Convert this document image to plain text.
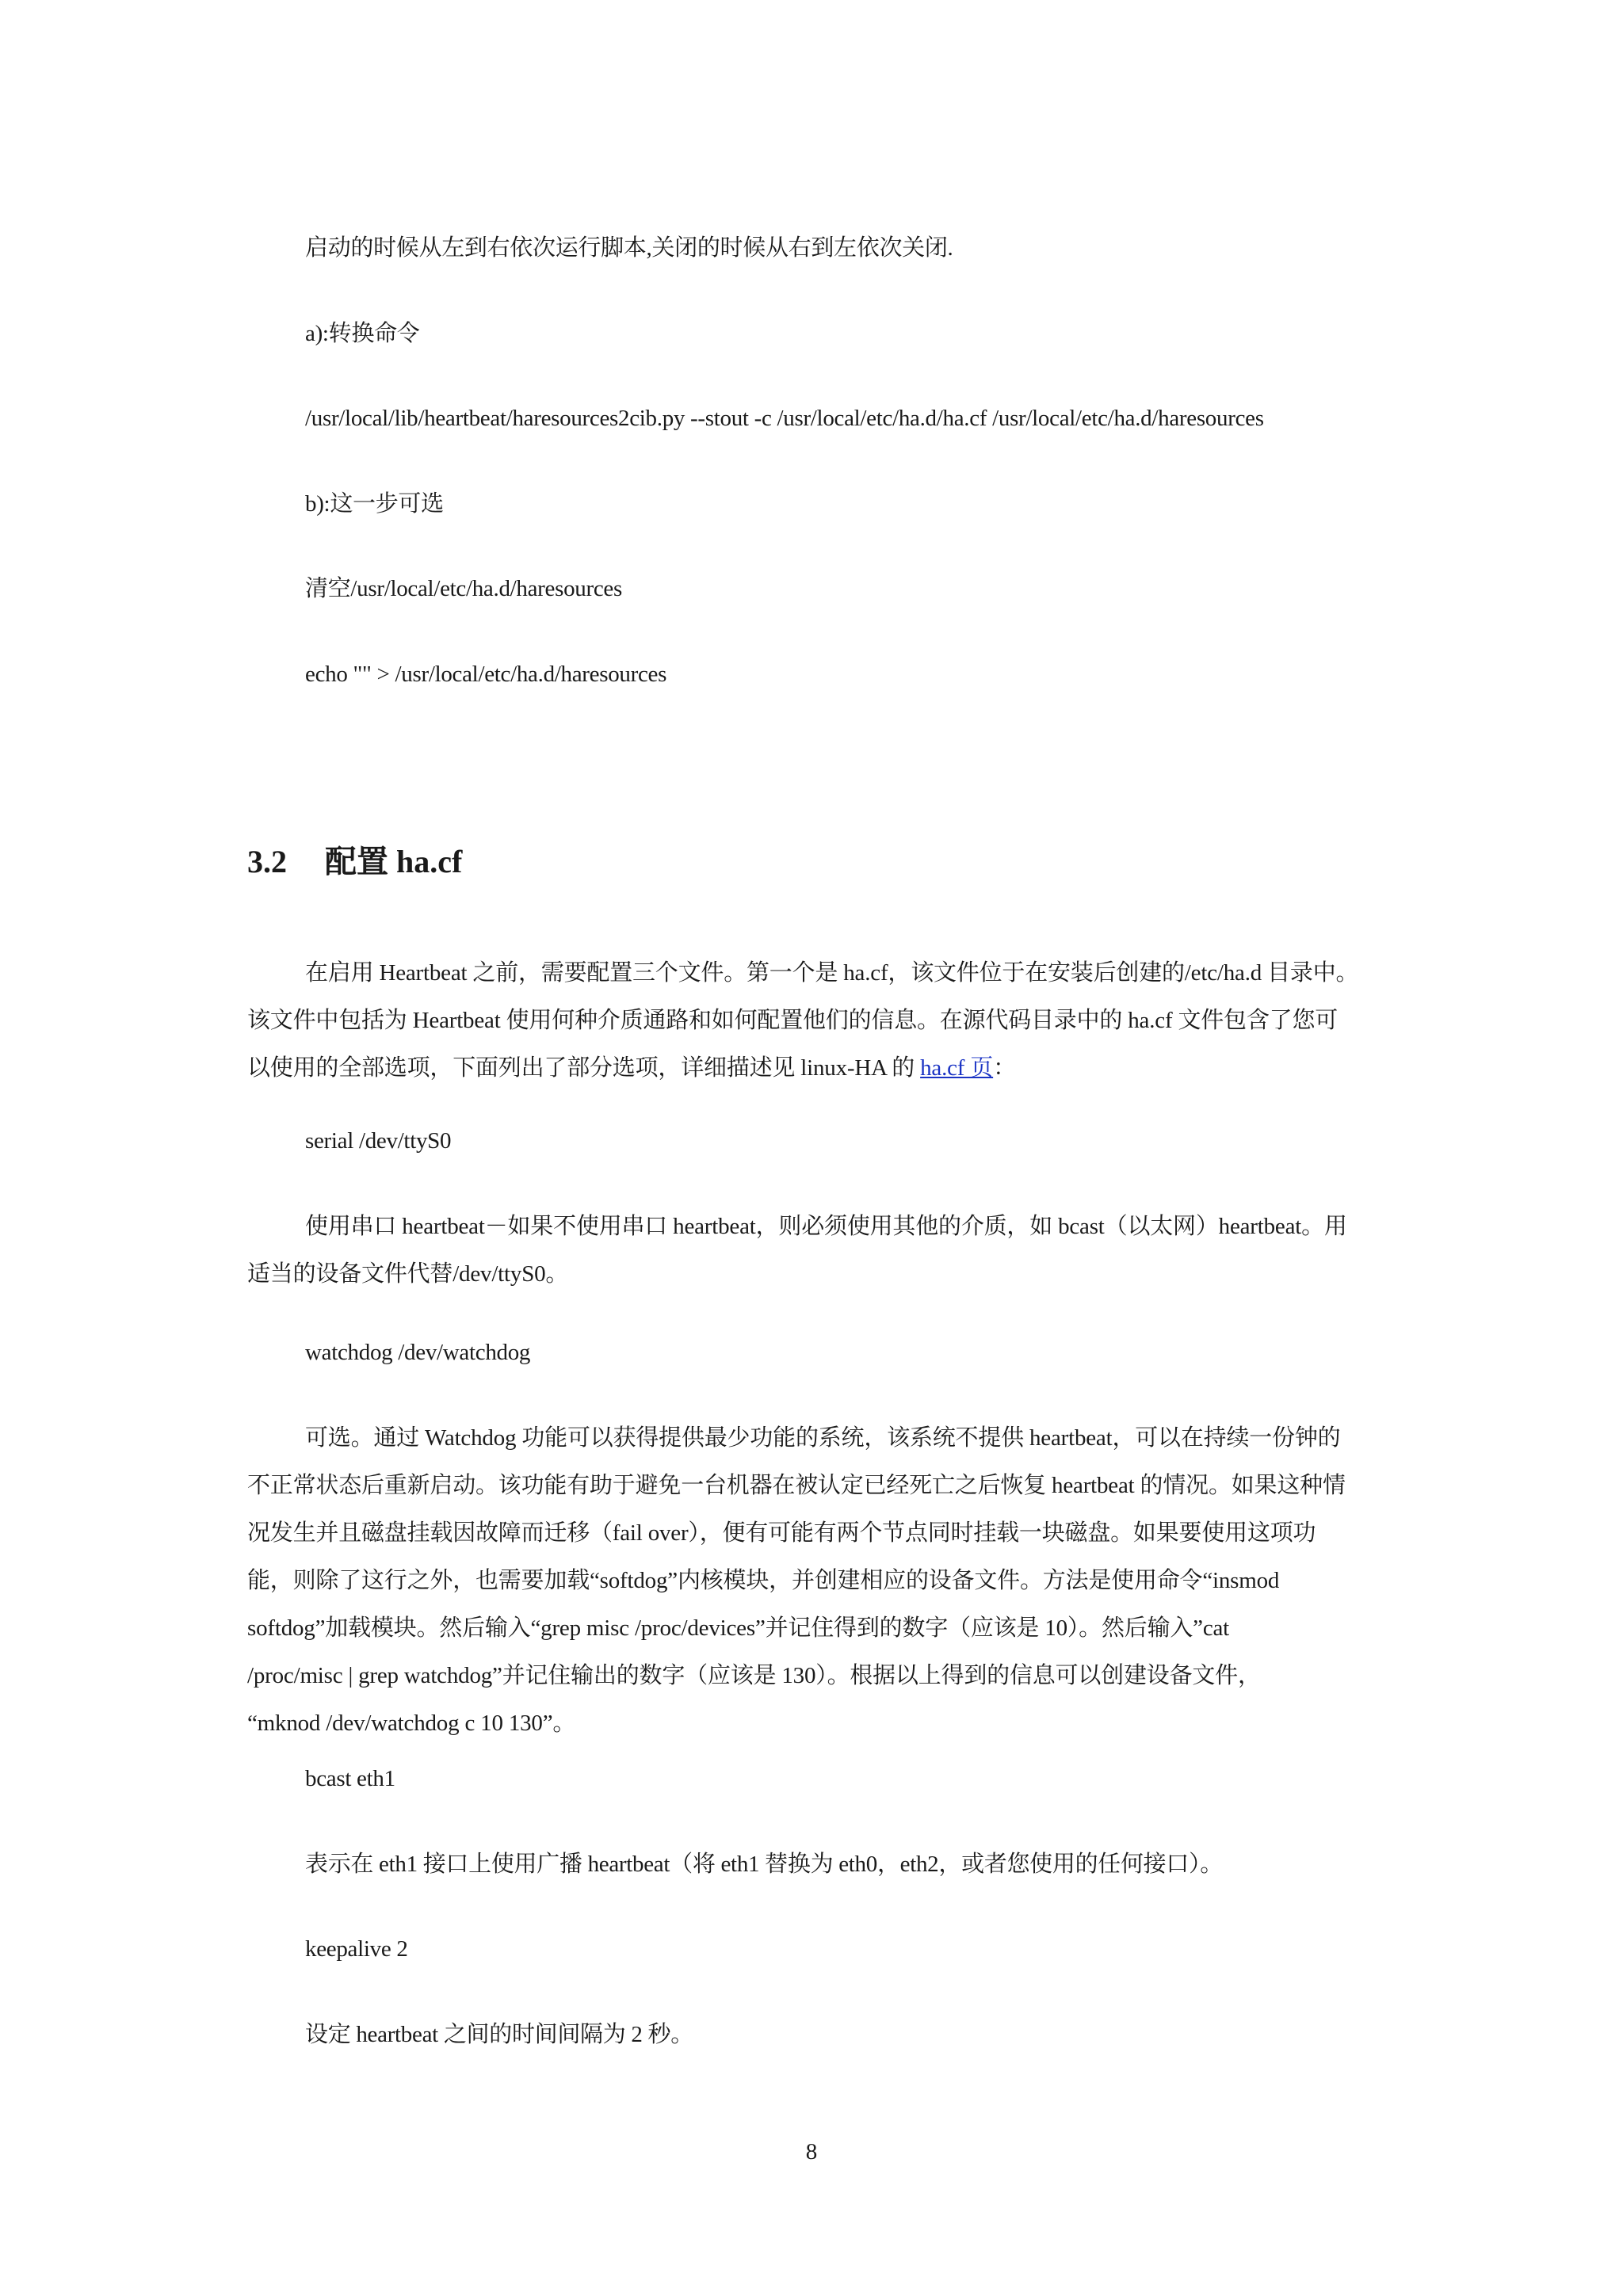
启动的时候从左到右依次运行脚本,关闭的时候从右到左依次关闭.
a):转换命令
/usr/local/lib/heartbeat/haresources2cib.py --stout -c /usr/local/etc/ha.d/ha.cf /usr/local/etc/ha.d/haresources
b):这一步可选
清空/usr/local/etc/ha.d/haresources
echo "" > /usr/local/etc/ha.d/haresources
3.2 配置 ha.cf
在启用 Heartbeat 之前，需要配置三个文件。第一个是 ha.cf，该文件位于在安装后创建的/etc/ha.d 目录中。
该文件中包括为 Heartbeat 使用何种介质通路和如何配置他们的信息。在源代码目录中的 ha.cf 文件包含了您可
以使用的全部选项，下面列出了部分选项，详细描述见 linux-HA 的 ha.cf 页：
serial /dev/ttyS0
使用串口 heartbeat－如果不使用串口 heartbeat，则必须使用其他的介质，如 bcast（以太网）heartbeat。用
适当的设备文件代替/dev/ttyS0。
watchdog /dev/watchdog
可选。通过 Watchdog 功能可以获得提供最少功能的系统，该系统不提供 heartbeat，可以在持续一份钟的
不正常状态后重新启动。该功能有助于避免一台机器在被认定已经死亡之后恢复 heartbeat 的情况。如果这种情
况发生并且磁盘挂载因故障而迁移（fail over），便有可能有两个节点同时挂载一块磁盘。如果要使用这项功
能，则除了这行之外，也需要加载“softdog”内核模块，并创建相应的设备文件。方法是使用命令“insmod
softdog”加载模块。然后输入“grep misc /proc/devices”并记住得到的数字（应该是 10）。然后输入”cat
/proc/misc | grep watchdog”并记住输出的数字（应该是 130）。根据以上得到的信息可以创建设备文件，
“mknod /dev/watchdog c 10 130”。
bcast eth1
表示在 eth1 接口上使用广播 heartbeat（将 eth1 替换为 eth0，eth2，或者您使用的任何接口）。
keepalive 2
设定 heartbeat 之间的时间间隔为 2 秒。
8
